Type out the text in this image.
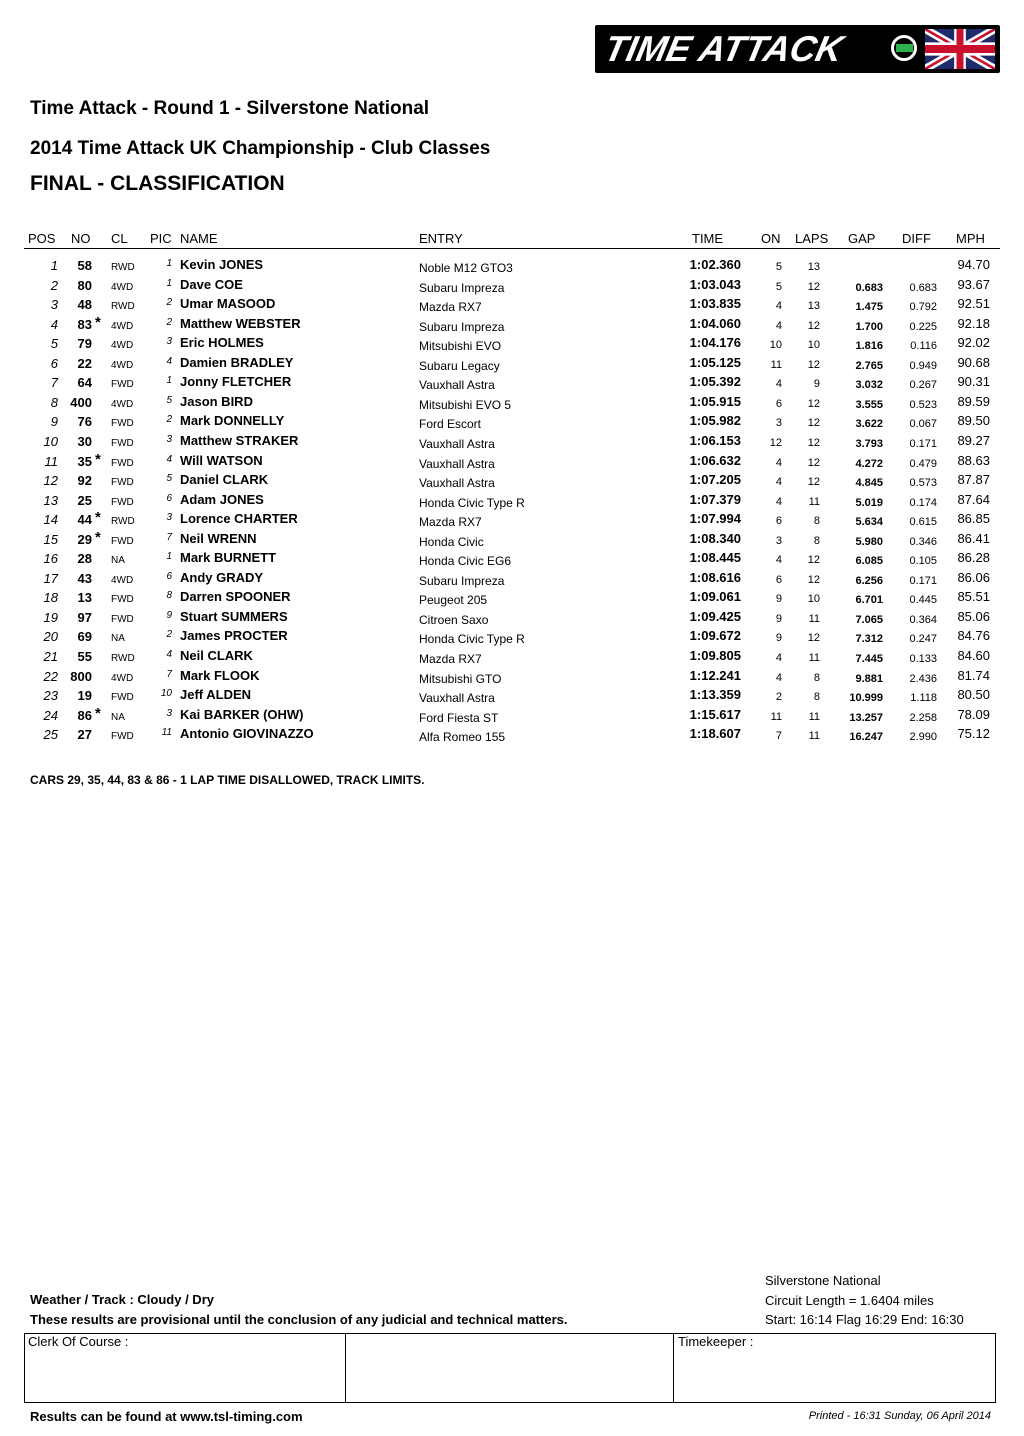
TIME ATTACK
Time Attack - Round 1 - Silverstone National
2014 Time Attack UK Championship - Club Classes
FINAL - CLASSIFICATION
POS NO CL PIC NAME	ENTRY	TIME	ON LAPS GAP DIFF MPH
1	58 RWD	1 Kevin JONES	Noble M12 GTO3	1:02.360	5	13	94.70
2	80 4WD	1 Dave COE	Subaru Impreza	1:03.043	5	12	0.683	0.683	93.67
3	48 RWD	2 Umar MASOOD	Mazda RX7	1:03.835	4	13	1.475	0.792	92.51
4	83 * 4WD	2 Matthew WEBSTER	Subaru Impreza	1:04.060	4	12	1.700	0.225	92.18
5	79 4WD	3 Eric HOLMES	Mitsubishi EVO	1:04.176	10	10	1.816	0.116	92.02
6	22 4WD	4 Damien BRADLEY	Subaru Legacy	1:05.125	11	12	2.765	0.949	90.68
7	64 FWD	1 Jonny FLETCHER	Vauxhall Astra	1:05.392	4	9	3.032	0.267	90.31
8 400 4WD	5 Jason BIRD	Mitsubishi EVO 5	1:05.915	6	12	3.555	0.523	89.59
9	76 FWD	2 Mark DONNELLY	Ford Escort	1:05.982	3	12	3.622	0.067	89.50
10	30 FWD	3 Matthew STRAKER	Vauxhall Astra	1:06.153	12	12	3.793	0.171	89.27
11	35 * FWD	4 Will WATSON	Vauxhall Astra	1:06.632	4	12	4.272	0.479	88.63
12	92 FWD	5 Daniel CLARK	Vauxhall Astra	1:07.205	4	12	4.845	0.573	87.87
13	25 FWD	6 Adam JONES	Honda Civic Type R	1:07.379	4	11	5.019	0.174	87.64
14	44 * RWD	3 Lorence CHARTER	Mazda RX7	1:07.994	6	8	5.634	0.615	86.85
15	29 * FWD	7 Neil WRENN	Honda Civic	1:08.340	3	8	5.980	0.346	86.41
16	28 NA	1 Mark BURNETT	Honda Civic EG6	1:08.445	4	12	6.085	0.105	86.28
17	43 4WD	6 Andy GRADY	Subaru Impreza	1:08.616	6	12	6.256	0.171	86.06
18	13 FWD	8 Darren SPOONER	Peugeot 205	1:09.061	9	10	6.701	0.445	85.51
19	97 FWD	9 Stuart SUMMERS	Citroen Saxo	1:09.425	9	11	7.065	0.364	85.06
20	69 NA	2 James PROCTER	Honda Civic Type R	1:09.672	9	12	7.312	0.247	84.76
21	55 RWD	4 Neil CLARK	Mazda RX7	1:09.805	4	11	7.445	0.133	84.60
22 800 4WD	7 Mark FLOOK	Mitsubishi GTO	1:12.241	4	8	9.881	2.436	81.74
23	19 FWD	10 Jeff ALDEN	Vauxhall Astra	1:13.359	2	8	10.999	1.118	80.50
24	86 * NA	3 Kai BARKER (OHW)	Ford Fiesta ST	1:15.617	11	11	13.257	2.258	78.09
25	27 FWD	11 Antonio GIOVINAZZO	Alfa Romeo 155	1:18.607	7	11	16.247	2.990	75.12
CARS 29, 35, 44, 83 & 86 - 1 LAP TIME DISALLOWED, TRACK LIMITS.
Silverstone National
Circuit Length = 1.6404 miles
Start: 16:14 Flag 16:29 End: 16:30
Weather / Track : Cloudy / Dry
These results are provisional until the conclusion of any judicial and technical matters.
Clerk Of Course :	Timekeeper :
Results can be found at www.tsl-timing.com	Printed - 16:31 Sunday, 06 April 2014
